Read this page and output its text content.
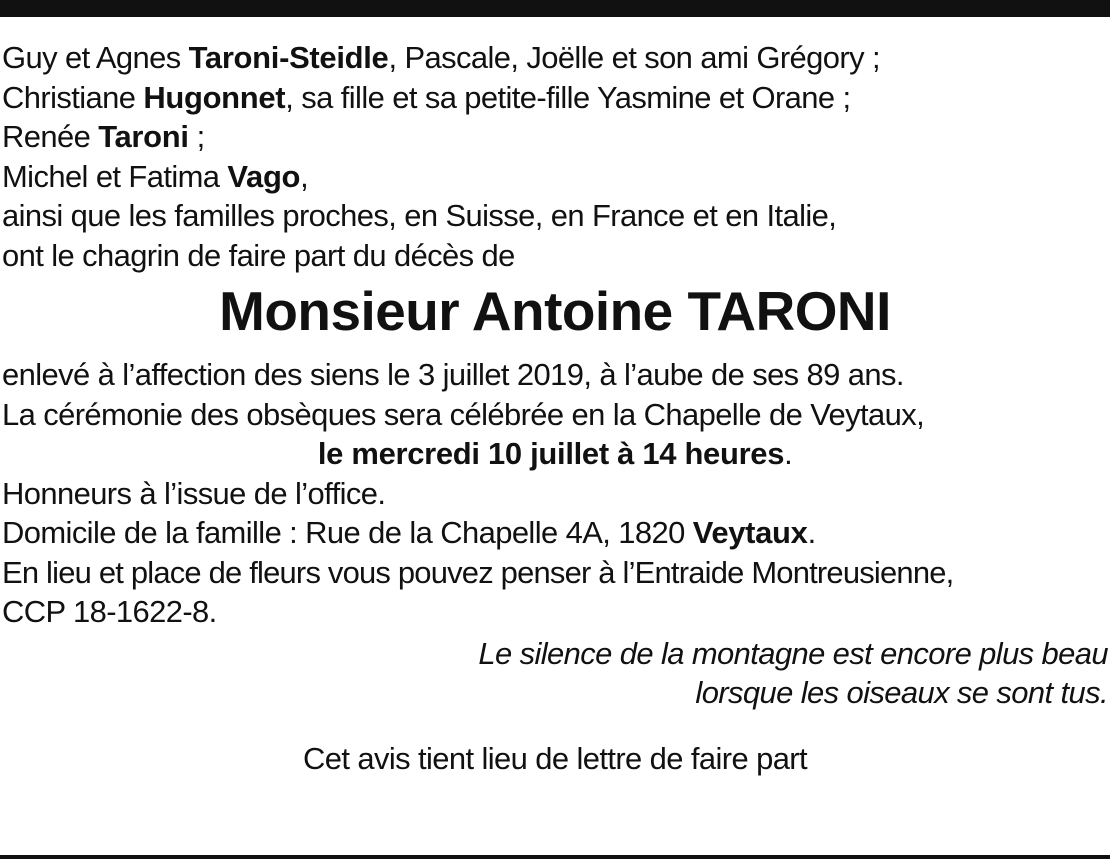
Guy et Agnes Taroni-Steidle, Pascale, Joëlle et son ami Grégory ;
Christiane Hugonnet, sa fille et sa petite-fille Yasmine et Orane ;
Renée Taroni ;
Michel et Fatima Vago,
ainsi que les familles proches, en Suisse, en France et en Italie,
ont le chagrin de faire part du décès de
Monsieur Antoine TARONI
enlevé à l’affection des siens le 3 juillet 2019, à l’aube de ses 89 ans.
La cérémonie des obsèques sera célébrée en la Chapelle de Veytaux,
le mercredi 10 juillet à 14 heures.
Honneurs à l’issue de l’office.
Domicile de la famille : Rue de la Chapelle 4A, 1820 Veytaux.
En lieu et place de fleurs vous pouvez penser à l’Entraide Montreusienne,
CCP 18-1622-8.
Le silence de la montagne est encore plus beau
lorsque les oiseaux se sont tus.
Cet avis tient lieu de lettre de faire part
